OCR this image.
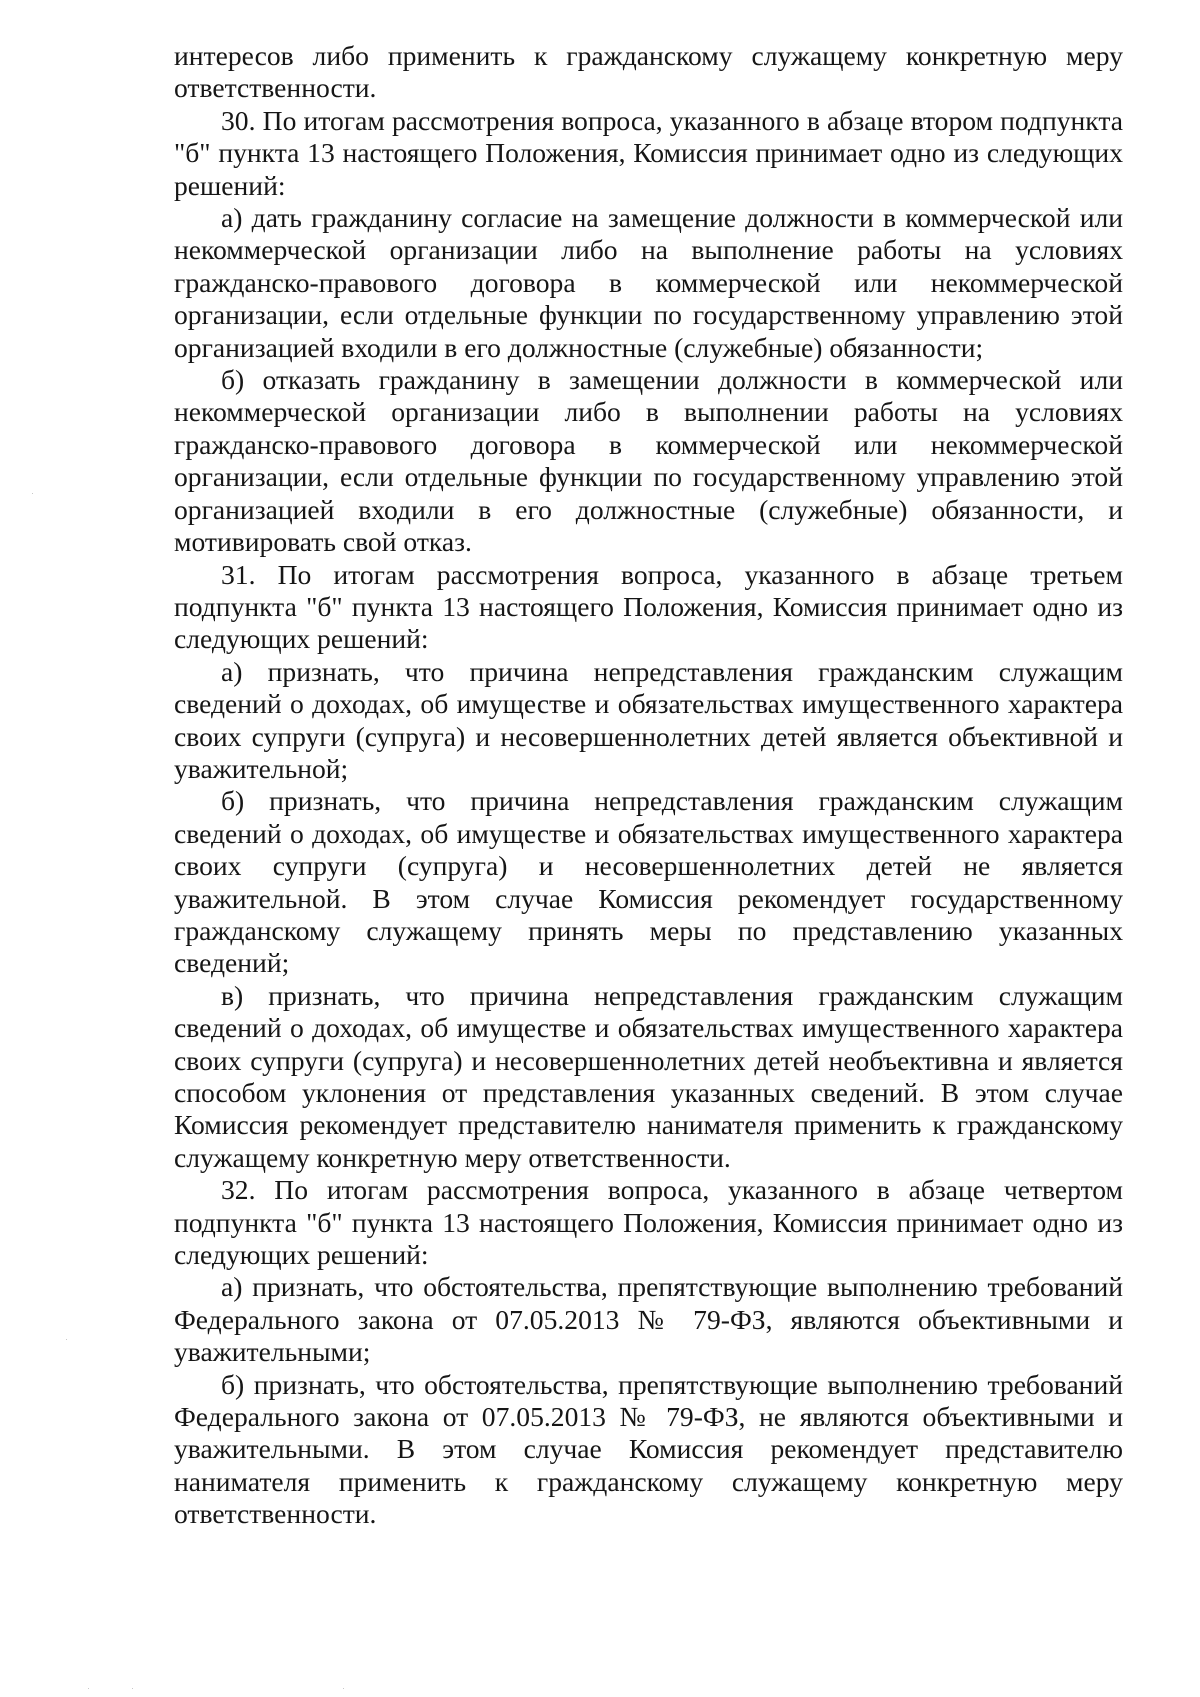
интересов либо применить к гражданскому служащему конкретную меру ответственности.

30. По итогам рассмотрения вопроса, указанного в абзаце втором подпункта "б" пункта 13 настоящего Положения, Комиссия принимает одно из следующих решений:

а) дать гражданину согласие на замещение должности в коммерческой или некоммерческой организации либо на выполнение работы на условиях гражданско-правового договора в коммерческой или некоммерческой организации, если отдельные функции по государственному управлению этой организацией входили в его должностные (служебные) обязанности;

б) отказать гражданину в замещении должности в коммерческой или некоммерческой организации либо в выполнении работы на условиях гражданско-правового договора в коммерческой или некоммерческой организации, если отдельные функции по государственному управлению этой организацией входили в его должностные (служебные) обязанности, и мотивировать свой отказ.

31. По итогам рассмотрения вопроса, указанного в абзаце третьем подпункта "б" пункта 13 настоящего Положения, Комиссия принимает одно из следующих решений:

а) признать, что причина непредставления гражданским служащим сведений о доходах, об имуществе и обязательствах имущественного характера своих супруги (супруга) и несовершеннолетних детей является объективной и уважительной;

б) признать, что причина непредставления гражданским служащим сведений о доходах, об имуществе и обязательствах имущественного характера своих супруги (супруга) и несовершеннолетних детей не является уважительной. В этом случае Комиссия рекомендует государственному гражданскому служащему принять меры по представлению указанных сведений;

в) признать, что причина непредставления гражданским служащим сведений о доходах, об имуществе и обязательствах имущественного характера своих супруги (супруга) и несовершеннолетних детей необъективна и является способом уклонения от представления указанных сведений. В этом случае Комиссия рекомендует представителю нанимателя применить к гражданскому служащему конкретную меру ответственности.

32. По итогам рассмотрения вопроса, указанного в абзаце четвертом подпункта "б" пункта 13 настоящего Положения, Комиссия принимает одно из следующих решений:

а) признать, что обстоятельства, препятствующие выполнению требований Федерального закона от 07.05.2013 № 79-ФЗ, являются объективными и уважительными;

б) признать, что обстоятельства, препятствующие выполнению требований Федерального закона от 07.05.2013 № 79-ФЗ, не являются объективными и уважительными. В этом случае Комиссия рекомендует представителю нанимателя применить к гражданскому служащему конкретную меру ответственности.
